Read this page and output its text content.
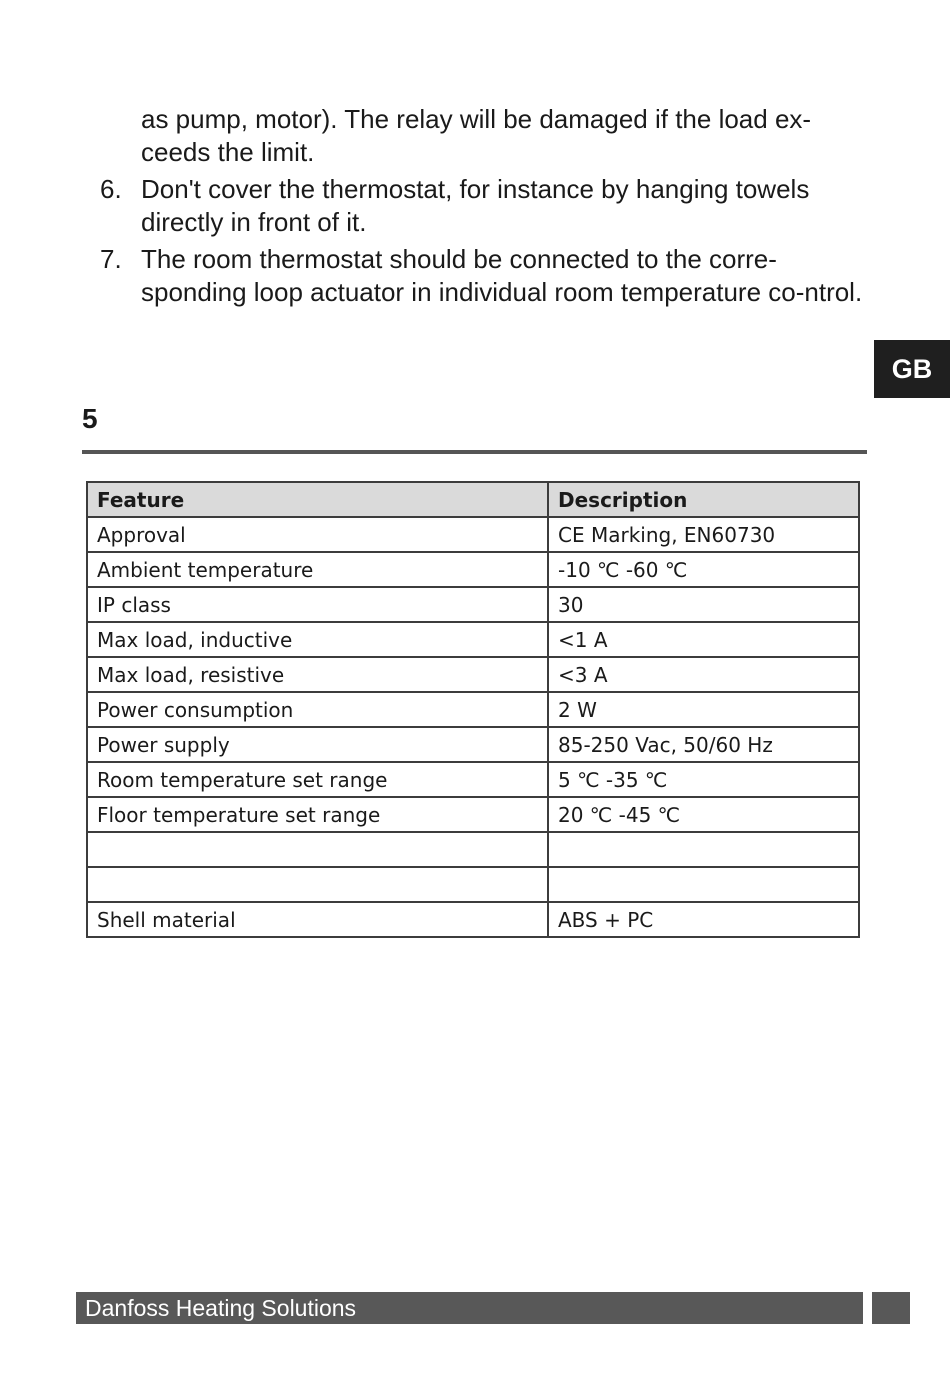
as pump, motor). The relay will be damaged if the load ex-ceeds the limit.

6. Don't cover the thermostat, for instance by hanging towels directly in front of it.
7. The room thermostat should be connected to the corre-sponding loop actuator in individual room temperature co-ntrol.
GB
5
Feature	Description
Approval	CE Marking, EN60730
Ambient temperature	-10 ℃ -60 ℃
IP class	30
Max load, inductive	<1 A
Max load, resistive	<3 A
Power consumption	2 W
Power supply	85-250 Vac, 50/60 Hz
Room temperature set range	5 ℃ -35 ℃
Floor temperature set range	20 ℃ -45 ℃

Shell material	ABS + PC
Danfoss Heating Solutions
